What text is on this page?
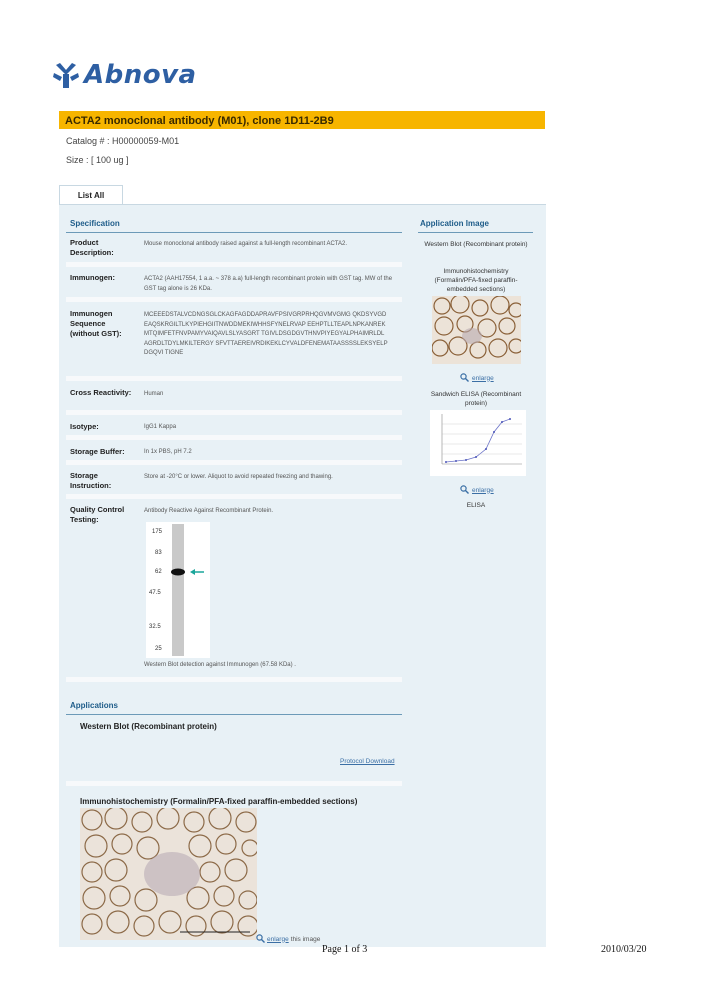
Abnova
ACTA2 monoclonal antibody (M01), clone 1D11-2B9
Catalog # : H00000059-M01
Size : [ 100 ug ]
List All
Specification
Product Description:
Mouse monoclonal antibody raised against a full-length recombinant ACTA2.
Immunogen:	ACTA2 (AAH17554, 1 a.a. ~ 378 a.a) full-length recombinant protein with GST tag. MW of the GST tag alone is 26 KDa.
Immunogen Sequence (without GST):
MCEEEDSTALVCDNGSGLCKAGFAGDDAPRAVFPSIVGRPRHQGVMVGMG QKDSYVGDEAQSKRGILTLKYPIEHGIITNWDDMEKIWHHSFYNELRVAP EEHPTLLTEAPLNPKANREKMTQIMFETFNVPAMYVAIQAVLSLYASGRT TGIVLDSGDGVTHNVPIYEGYALPHAIMRLDLAGRDLTDYLMKILTERGY SFVTTAEREIVRDIKEKLCYVALDFENEMATAASSSSLEKSYELPDGQVI TIGNE
Cross Reactivity:	Human
Isotype:	IgG1 Kappa
Storage Buffer:	In 1x PBS, pH 7.2
Storage Instruction:
Store at -20°C or lower. Aliquot to avoid repeated freezing and thawing.
Quality Control Testing:
Antibody Reactive Against Recombinant Protein.
175
83
62
47.5
32.5
25
Western Blot detection against Immunogen (67.58 KDa) .
Application Image
Western Blot (Recombinant protein)
Immunohistochemistry (Formalin/PFA-fixed paraffin-embedded sections)
enlarge
Sandwich ELISA (Recombinant protein)
enlarge
ELISA
Applications
Western Blot (Recombinant protein)
Protocol Download
Immunohistochemistry (Formalin/PFA-fixed paraffin-embedded sections)
enlarge this image
Page 1 of 3	2010/03/20
